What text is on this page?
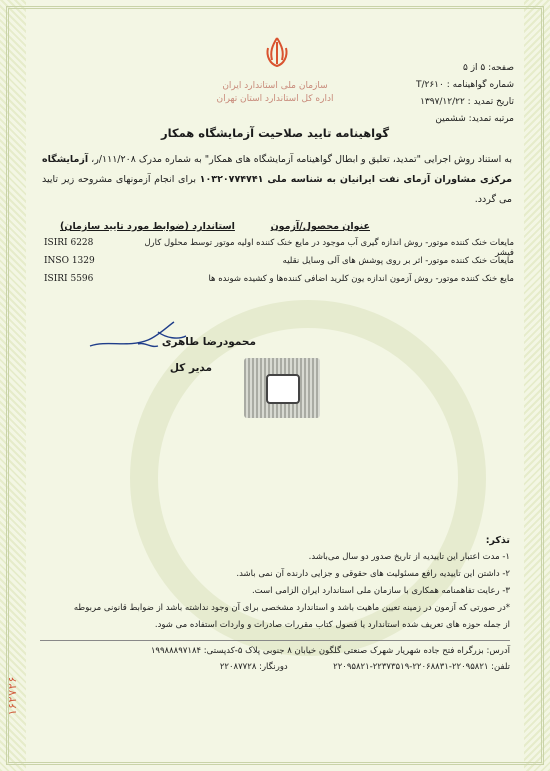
سازمان ملی استاندارد ایران
اداره کل استاندارد استان تهران
صفحه: ۵ از ۵
شماره گواهینامه : T/۲۶۱۰
تاریخ تمدید : ۱۳۹۷/۱۲/۲۲
مرتبه تمدید: ششمین
گواهینامه تایید صلاحیت آزمایشگاه همکار
به استناد روش اجرایی "تمدید، تعلیق و ابطال گواهینامه آزمایشگاه های همکار" به شماره مدرک ۱۱۱/۲۰۸/ر، آزمایشگاه مرکزی مشاوران آزمای نفت ایرانیان به شناسه ملی ۱۰۳۲۰۷۷۴۷۴۱ برای انجام آزمونهای مشروحه زیر تایید می گردد.
عنوان محصول/آزمون
استاندارد (ضوابط مورد تایید سازمان)
ISIRI 6228	مایعات خنک کننده موتور- روش اندازه گیری آب موجود در مایع خنک کننده اولیه موتور توسط محلول کارل فیشر
INSO 1329	مایعات خنک کننده موتور- اثر بر روی پوشش های آلی وسایل نقلیه
ISIRI 5596	مایع خنک کننده موتور- روش آزمون اندازه یون کلرید اضافی کننده‌ها و کشیده شونده ها
محمودرضا طاهری
مدیر کل
تذکر:
۱- مدت اعتبار این تاییدیه از تاریخ صدور دو سال می‌باشد.
۲- داشتن این تاییدیه رافع مسئولیت های حقوقی و جزایی دارنده آن نمی باشد.
۳- رعایت تفاهمنامه همکاری با سازمان ملی استاندارد ایران الزامی است.
*در صورتی که آزمون در زمینه تعیین ماهیت باشد و استاندارد مشخصی برای آن وجود نداشته باشد از ضوابط قانونی مربوطه
از جمله حوزه های تعریف شده استاندارد یا فصول کتاب مقررات صادرات و واردات استفاده می شود.
آدرس: بزرگراه فتح جاده شهریار شهرک صنعتی گلگون خیابان ۸ جنوبی پلاک ۵-کدپستی: ۱۹۹۸۸۸۹۷۱۸۴
تلفن: ۲۲۰۹۵۸۲۱-۲۲۰۶۸۸۳۱-۲۲۳۷۳۵۱۹-۲۲۰۹۵۸۲۱  دورنگار: ۲۲۰۸۷۷۲۸
۱۶۲۷۲۶
